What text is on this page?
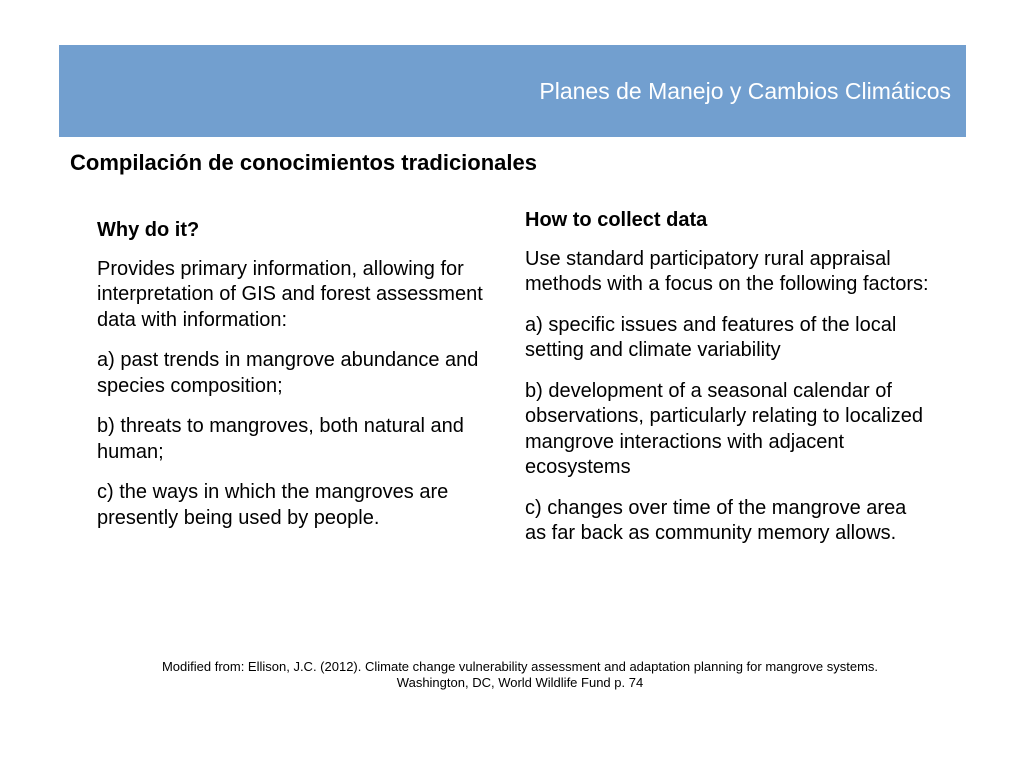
Planes de Manejo y Cambios Climáticos
Compilación de conocimientos tradicionales
Why do it?

Provides primary information, allowing for interpretation of GIS and forest assessment data with information:

a) past trends in mangrove abundance and species composition;

b) threats to mangroves, both natural and human;

c) the ways in which the mangroves are presently being used by people.

How to collect data

Use standard participatory rural appraisal methods with a focus on the following factors:

a) specific issues and features of the local setting and climate variability

b) development of a seasonal calendar of observations, particularly relating to localized mangrove interactions with adjacent ecosystems

c) changes over time of the mangrove area as far back as community memory allows.

Modified from: Ellison, J.C. (2012). Climate change vulnerability assessment and adaptation planning for mangrove systems.
Washington, DC, World Wildlife Fund p. 74
